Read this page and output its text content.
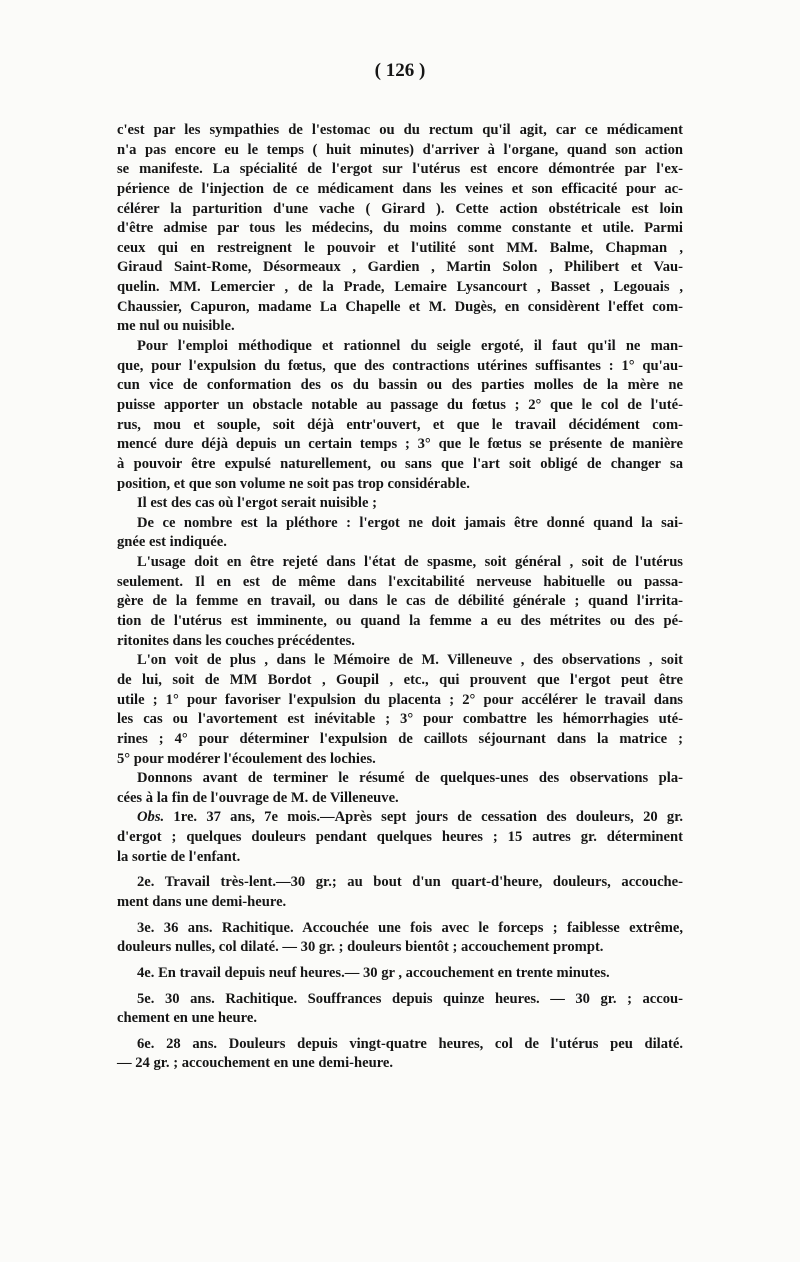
( 126 )
c'est par les sympathies de l'estomac ou du rectum qu'il agit, car ce médicament
n'a pas encore eu le temps ( huit minutes) d'arriver à l'organe, quand son action
se manifeste. La spécialité de l'ergot sur l'utérus est encore démontrée par l'ex-
périence de l'injection de ce médicament dans les veines et son efficacité pour ac-
célérer la parturition d'une vache ( Girard ). Cette action obstétricale est loin
d'être admise par tous les médecins, du moins comme constante et utile. Parmi
ceux qui en restreignent le pouvoir et l'utilité sont MM. Balme, Chapman ,
Giraud Saint-Rome, Désormeaux , Gardien , Martin Solon , Philibert et Vau-
quelin. MM. Lemercier , de la Prade, Lemaire Lysancourt , Basset , Legouais ,
Chaussier, Capuron, madame La Chapelle et M. Dugès, en considèrent l'effet com-
me nul ou nuisible.
Pour l'emploi méthodique et rationnel du seigle ergoté, il faut qu'il ne man-
que, pour l'expulsion du fœtus, que des contractions utérines suffisantes : 1° qu'au-
cun vice de conformation des os du bassin ou des parties molles de la mère ne
puisse apporter un obstacle notable au passage du fœtus ; 2° que le col de l'uté-
rus, mou et souple, soit déjà entr'ouvert, et que le travail décidément com-
mencé dure déjà depuis un certain temps ; 3° que le fœtus se présente de manière
à pouvoir être expulsé naturellement, ou sans que l'art soit obligé de changer sa
position, et que son volume ne soit pas trop considérable.
Il est des cas où l'ergot serait nuisible ;
De ce nombre est la pléthore : l'ergot ne doit jamais être donné quand la sai-
gnée est indiquée.
L'usage doit en être rejeté dans l'état de spasme, soit général , soit de l'utérus
seulement. Il en est de même dans l'excitabilité nerveuse habituelle ou passa-
gère de la femme en travail, ou dans le cas de débilité générale ; quand l'irrita-
tion de l'utérus est imminente, ou quand la femme a eu des métrites ou des pé-
ritonites dans les couches précédentes.
L'on voit de plus , dans le Mémoire de M. Villeneuve , des observations , soit
de lui, soit de MM Bordot , Goupil , etc., qui prouvent que l'ergot peut être
utile ; 1° pour favoriser l'expulsion du placenta ; 2° pour accélérer le travail dans
les cas ou l'avortement est inévitable ; 3° pour combattre les hémorrhagies uté-
rines ; 4° pour déterminer l'expulsion de caillots séjournant dans la matrice ;
5° pour modérer l'écoulement des lochies.
Donnons avant de terminer le résumé de quelques-unes des observations pla-
cées à la fin de l'ouvrage de M. de Villeneuve.
Obs. 1re. 37 ans, 7e mois.—Après sept jours de cessation des douleurs, 20 gr.
d'ergot ; quelques douleurs pendant quelques heures ; 15 autres gr. déterminent
la sortie de l'enfant.
2e. Travail très-lent.—30 gr.; au bout d'un quart-d'heure, douleurs, accouche-
ment dans une demi-heure.
3e. 36 ans. Rachitique. Accouchée une fois avec le forceps ; faiblesse extrême,
douleurs nulles, col dilaté. — 30 gr. ; douleurs bientôt ; accouchement prompt.
4e. En travail depuis neuf heures.— 30 gr , accouchement en trente minutes.
5e. 30 ans. Rachitique. Souffrances depuis quinze heures. — 30 gr. ; accou-
chement en une heure.
6e. 28 ans. Douleurs depuis vingt-quatre heures, col de l'utérus peu dilaté.
— 24 gr. ; accouchement en une demi-heure.
